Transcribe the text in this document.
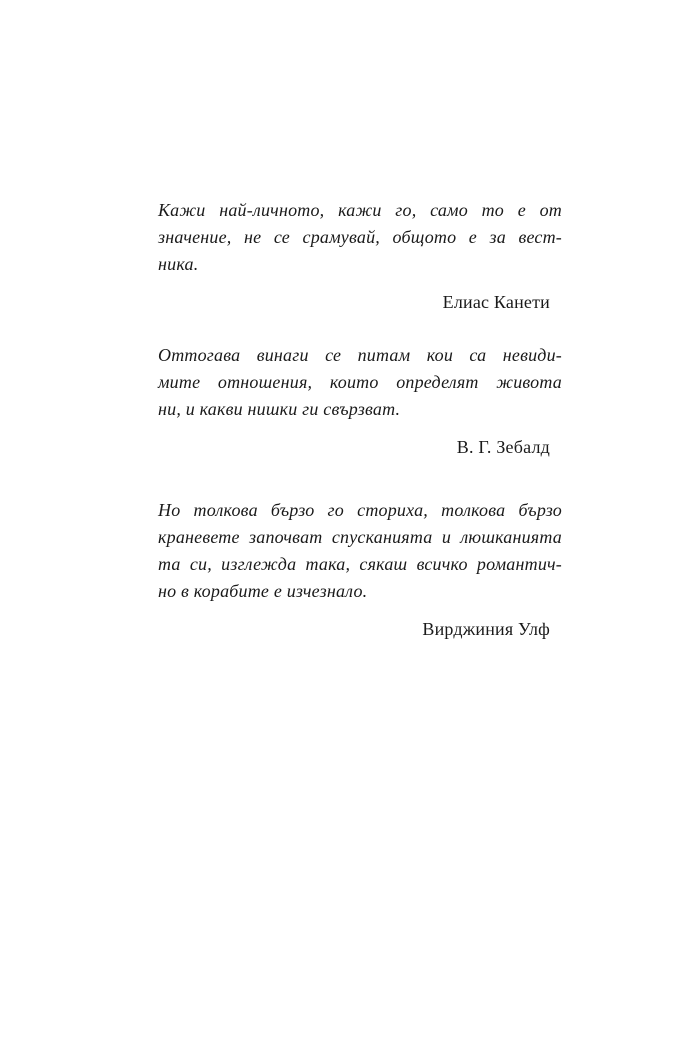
Кажи най-личното, кажи го, само то е от
значение, не се срамувай, общото е за вест-
ника.
Елиас Канети
Оттогава винаги се питам кои са невиди-
мите отношения, които определят живота
ни, и какви нишки ги свързват.
В. Г. Зебалд
Но толкова бързо го сториха, толкова бързо
краневете започват спусканията и люшканията
та си, изглежда така, сякаш всичко романтич-
но в корабите е изчезнало.
Вирджиния Улф
